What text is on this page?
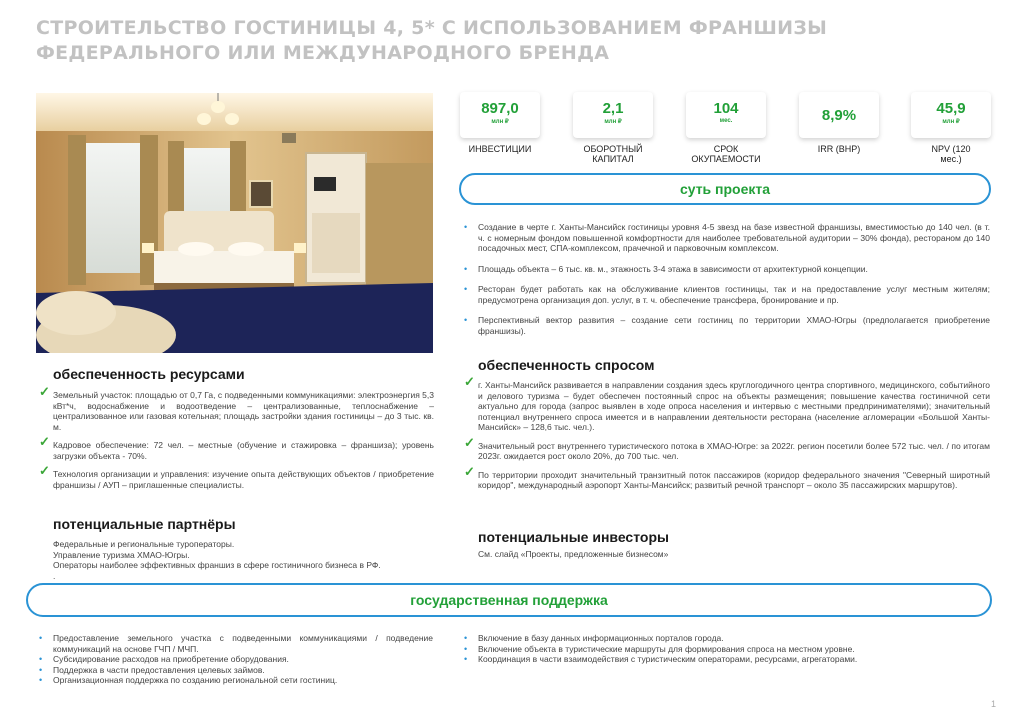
СТРОИТЕЛЬСТВО ГОСТИНИЦЫ 4, 5* С ИСПОЛЬЗОВАНИЕМ ФРАНШИЗЫ
ФЕДЕРАЛЬНОГО ИЛИ МЕЖДУНАРОДНОГО БРЕНДА
897,0
млн ₽
ИНВЕСТИЦИИ
2,1
млн ₽
ОБОРОТНЫЙ КАПИТАЛ
104
мес.
СРОК ОКУПАЕМОСТИ
8,9%
IRR (ВНР)
45,9
млн ₽
NPV (120 мес.)
суть проекта
• Создание в черте г. Ханты-Мансийск гостиницы уровня 4-5 звезд на базе известной франшизы, вместимостью до 140 чел. (в т. ч. с номерным фондом повышенной комфортности для наиболее требовательной аудитории – 30% фонда), рестораном до 140 посадочных мест, СПА-комплексом, прачечной и парковочным комплексом.
• Площадь объекта – 6 тыс. кв. м., этажность 3-4 этажа в зависимости от архитектурной концепции.
• Ресторан будет работать как на обслуживание клиентов гостиницы, так и на предоставление услуг местным жителям; предусмотрена организация доп. услуг, в т. ч. обеспечение трансфера, бронирование и пр.
• Перспективный вектор развития – создание сети гостиниц по территории ХМАО-Югры (предполагается приобретение франшизы).
обеспеченность ресурсами
✓ Земельный участок: площадью от 0,7 Га, с подведенными коммуникациями: электроэнергия 5,3 кВт*ч, водоснабжение и водоотведение – централизованные, теплоснабжение – централизованное или газовая котельная; площадь застройки здания гостиницы – до 3 тыс. кв. м.
✓ Кадровое обеспечение: 72 чел. – местные (обучение и стажировка – франшиза); уровень загрузки объекта - 70%.
✓ Технология организации и управления: изучение опыта действующих объектов / приобретение франшизы / АУП – приглашенные специалисты.
обеспеченность спросом
✓ г. Ханты-Мансийск развивается в направлении создания здесь круглогодичного центра спортивного, медицинского, событийного и делового туризма – будет обеспечен постоянный спрос на объекты размещения; повышение качества гостиничной сети актуально для города (запрос выявлен в ходе опроса населения и интервью с местными предпринимателями); значительный потенциал внутреннего спроса имеется и в направлении деятельности ресторана (население агломерации «Большой Ханты-Мансийск» – 128,6 тыс. чел.).
✓ Значительный рост внутреннего туристического потока в ХМАО-Югре: за 2022г. регион посетили более 572 тыс. чел. / по итогам 2023г. ожидается рост около 20%, до 700 тыс. чел.
✓ По территории проходит значительный транзитный поток пассажиров (коридор федерального значения "Северный широтный коридор", международный аэропорт Ханты-Мансийск; развитый речной транспорт – около 35 пассажирских маршрутов).
потенциальные партнёры
Федеральные и региональные туроператоры.
Управление туризма ХМАО-Югры.
Операторы наиболее эффективных франшиз в сфере гостиничного бизнеса в РФ.
.
потенциальные инвесторы
См. слайд «Проекты, предложенные бизнесом»
государственная поддержка
• Предоставление земельного участка с подведенными коммуникациями / подведение коммуникаций на основе ГЧП / МЧП.
• Субсидирование расходов на приобретение оборудования.
• Поддержка в части предоставления целевых займов.
• Организационная поддержка по созданию региональной сети гостиниц.
• Включение в базу данных информационных порталов города.
• Включение объекта в туристические маршруты для формирования спроса на местном уровне.
• Координация в части взаимодействия с туристическим операторами, ресурсами, агрегаторами.
1
